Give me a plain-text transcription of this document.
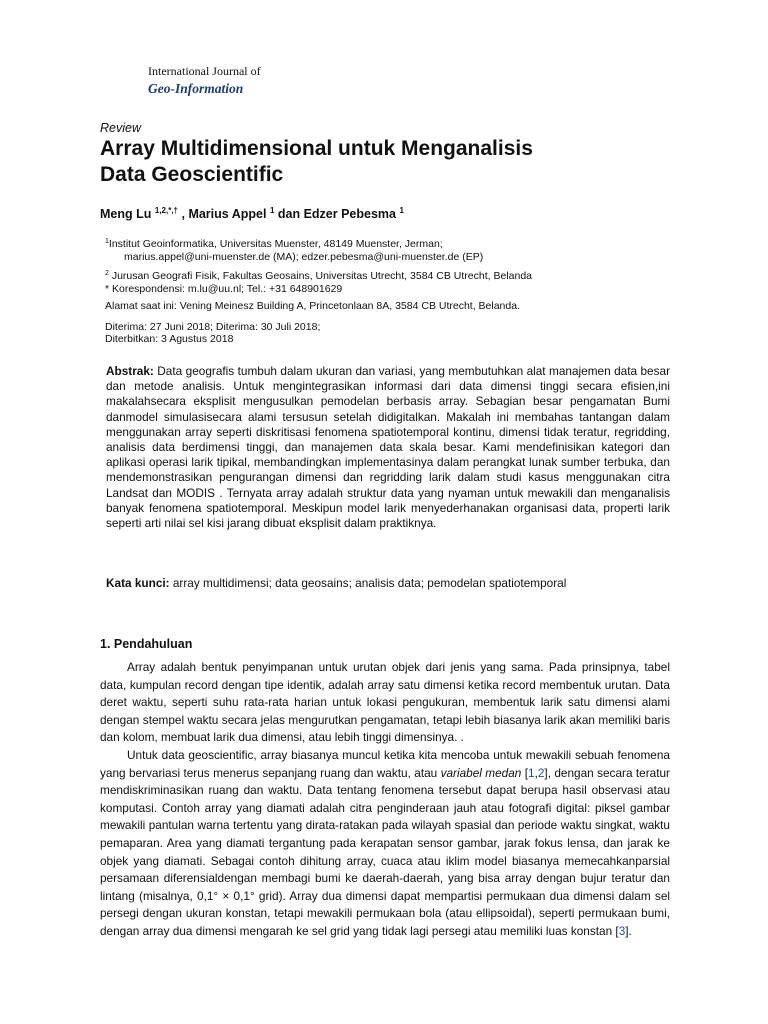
International Journal of
Geo-Information
Review
Array Multidimensional untuk Menganalisis
Data Geoscientific
Meng Lu $^{1,2,*,\dagger}$ , Marius Appel $^1$ dan Edzer Pebesma $^1$
$^1$Institut Geoinformatika, Universitas Muenster, 48149 Muenster, Jerman;
marius.appel@uni-muenster.de (MA); edzer.pebesma@uni-muenster.de (EP)
$^2$ Jurusan Geografi Fisik, Fakultas Geosains, Universitas Utrecht, 3584 CB Utrecht, Belanda
* Korespondensi: m.lu@uu.nl; Tel.: +31 648901629
Alamat saat ini: Vening Meinesz Building A, Princetonlaan 8A, 3584 CB Utrecht, Belanda.
Diterima: 27 Juni 2018; Diterima: 30 Juli 2018;
Diterbitkan: 3 Agustus 2018
Abstrak: Data geografis tumbuh dalam ukuran dan variasi, yang membutuhkan alat manajemen data besar dan metode analisis. Untuk mengintegrasikan informasi dari data dimensi tinggi secara efisien,ini makalahsecara eksplisit mengusulkan pemodelan berbasis array. Sebagian besar pengamatan Bumi danmodel simulasisecara alami tersusun setelah didigitalkan. Makalah ini membahas tantangan dalam menggunakan array seperti diskritisasi fenomena spatiotemporal kontinu, dimensi tidak teratur, regridding, analisis data berdimensi tinggi, dan manajemen data skala besar. Kami mendefinisikan kategori dan aplikasi operasi larik tipikal, membandingkan implementasinya dalam perangkat lunak sumber terbuka, dan mendemonstrasikan pengurangan dimensi dan regridding larik dalam studi kasus menggunakan citra Landsat dan MODIS . Ternyata array adalah struktur data yang nyaman untuk mewakili dan menganalisis banyak fenomena spatiotemporal. Meskipun model larik menyederhanakan organisasi data, properti larik seperti arti nilai sel kisi jarang dibuat eksplisit dalam praktiknya.
Kata kunci: array multidimensi; data geosains; analisis data; pemodelan spatiotemporal
1. Pendahuluan

Array adalah bentuk penyimpanan untuk urutan objek dari jenis yang sama. Pada prinsipnya, tabel data, kumpulan record dengan tipe identik, adalah array satu dimensi ketika record membentuk urutan. Data deret waktu, seperti suhu rata-rata harian untuk lokasi pengukuran, membentuk larik satu dimensi alami dengan stempel waktu secara jelas mengurutkan pengamatan, tetapi lebih biasanya larik akan memiliki baris dan kolom, membuat larik dua dimensi, atau lebih tinggi dimensinya. .

Untuk data geoscientific, array biasanya muncul ketika kita mencoba untuk mewakili sebuah fenomena yang bervariasi terus menerus sepanjang ruang dan waktu, atau variabel medan [1,2], dengan secara teratur mendiskriminasikan ruang dan waktu. Data tentang fenomena tersebut dapat berupa hasil observasi atau komputasi. Contoh array yang diamati adalah citra penginderaan jauh atau fotografi digital: piksel gambar mewakili pantulan warna tertentu yang dirata-ratakan pada wilayah spasial dan periode waktu singkat, waktu pemaparan. Area yang diamati tergantung pada kerapatan sensor gambar, jarak fokus lensa, dan jarak ke objek yang diamati. Sebagai contoh dihitung array, cuaca atau iklim model biasanya memecahkanparsial persamaan diferensialdengan membagi bumi ke daerah-daerah, yang bisa array dengan bujur teratur dan lintang (misalnya, 0,1° × 0,1° grid). Array dua dimensi dapat mempartisi permukaan dua dimensi dalam sel persegi dengan ukuran konstan, tetapi mewakili permukaan bola (atau ellipsoidal), seperti permukaan bumi, dengan array dua dimensi mengarah ke sel grid yang tidak lagi persegi atau memiliki luas konstan [3].
